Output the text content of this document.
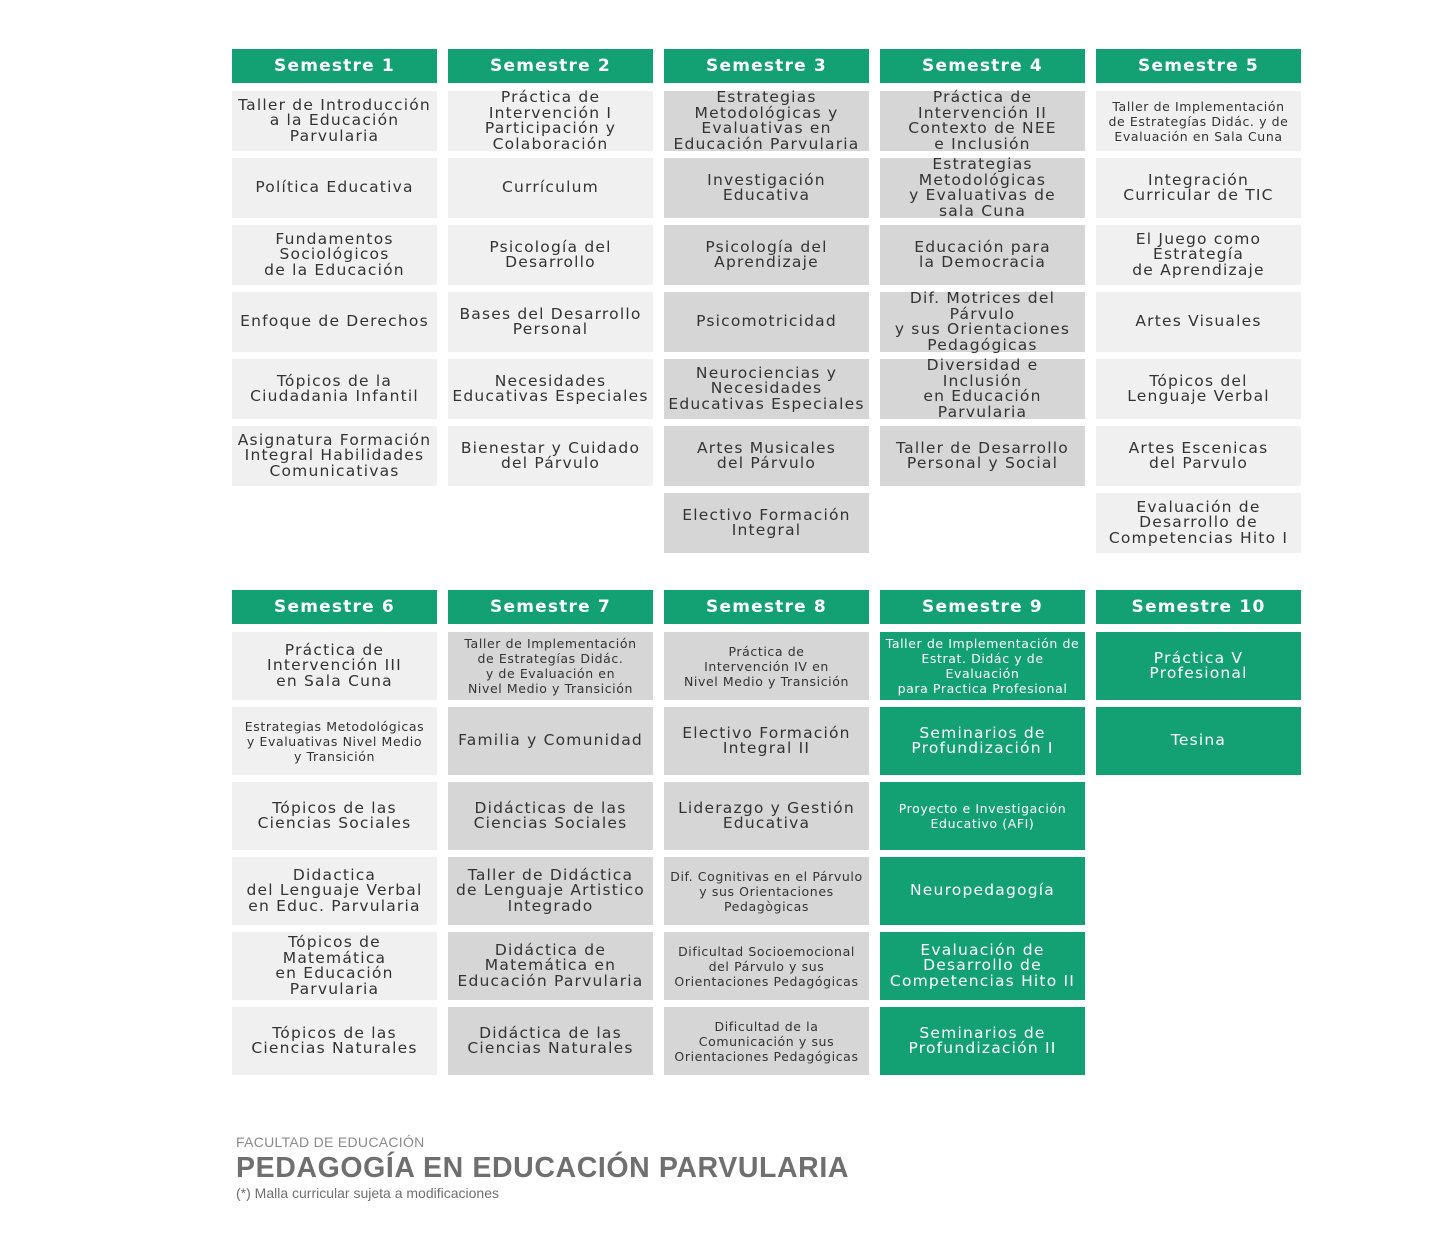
Semestre 1
Taller de Introducción
a la Educación
Parvularia
Política Educativa
Fundamentos
Sociológicos
de la Educación
Enfoque de Derechos
Tópicos de la
Ciudadania Infantil
Asignatura Formación
Integral Habilidades
Comunicativas
Semestre 2
Práctica de
Intervención I
Participación y
Colaboración
Currículum
Psicología del
Desarrollo
Bases del Desarrollo
Personal
Necesidades
Educativas Especiales
Bienestar y Cuidado
del Párvulo
Semestre 3
Estrategias
Metodológicas y
Evaluativas en
Educación Parvularia
Investigación
Educativa
Psicología del
Aprendizaje
Psicomotricidad
Neurociencias y
Necesidades
Educativas Especiales
Artes Musicales
del Párvulo
Electivo Formación
Integral
Semestre 4
Práctica de
Intervención II
Contexto de NEE
e Inclusión
Estrategias
Metodológicas
y Evaluativas de
sala Cuna
Educación para
la Democracia
Dif. Motrices del Párvulo
y sus Orientaciones
Pedagógicas
Diversidad e Inclusión
en Educación Parvularia
Taller de Desarrollo
Personal y Social
Semestre 5
Taller de Implementación
de Estrategías Didác. y de
Evaluación en Sala Cuna
Integración
Curricular de TIC
El Juego como
Estrategía
de Aprendizaje
Artes Visuales
Tópicos del
Lenguaje Verbal
Artes Escenicas
del Parvulo
Evaluación de
Desarrollo de
Competencias Hito I
Semestre 6
Práctica de
Intervención III
en Sala Cuna
Estrategias Metodológicas
y Evaluativas Nivel Medio
y Transición
Tópicos de las
Ciencias Sociales
Didactica
del Lenguaje Verbal
en Educ. Parvularia
Tópicos de Matemática
en Educación Parvularia
Tópicos de las
Ciencias Naturales
Semestre 7
Taller de Implementación
de Estrategías Didác.
y de Evaluación en
Nivel Medio y Transición
Familia y Comunidad
Didácticas de las
Ciencias Sociales
Taller de Didáctica
de Lenguaje Artistico
Integrado
Didáctica de
Matemática en
Educación Parvularia
Didáctica de las
Ciencias Naturales
Semestre 8
Práctica de
Intervención IV en
Nivel Medio y Transición
Electivo Formación
Integral II
Liderazgo y Gestión
Educativa
Dif. Cognitivas en el Párvulo
y sus Orientaciones
Pedagògicas
Dificultad Socioemocional
del Párvulo y sus
Orientaciones Pedagógicas
Dificultad de la
Comunicación y sus
Orientaciones Pedagógicas
Semestre 9
Taller de Implementación de
Estrat. Didác y de Evaluación
para Practica Profesional
Seminarios de
Profundización I
Proyecto e Investigación
Educativo (AFI)
Neuropedagogía
Evaluación de
Desarrollo de
Competencias Hito II
Seminarios de
Profundización II
Semestre 10
Práctica V
Profesional
Tesina
FACULTAD DE EDUCACIÓN
PEDAGOGÍA EN EDUCACIÓN PARVULARIA
(*) Malla curricular sujeta a modificaciones
